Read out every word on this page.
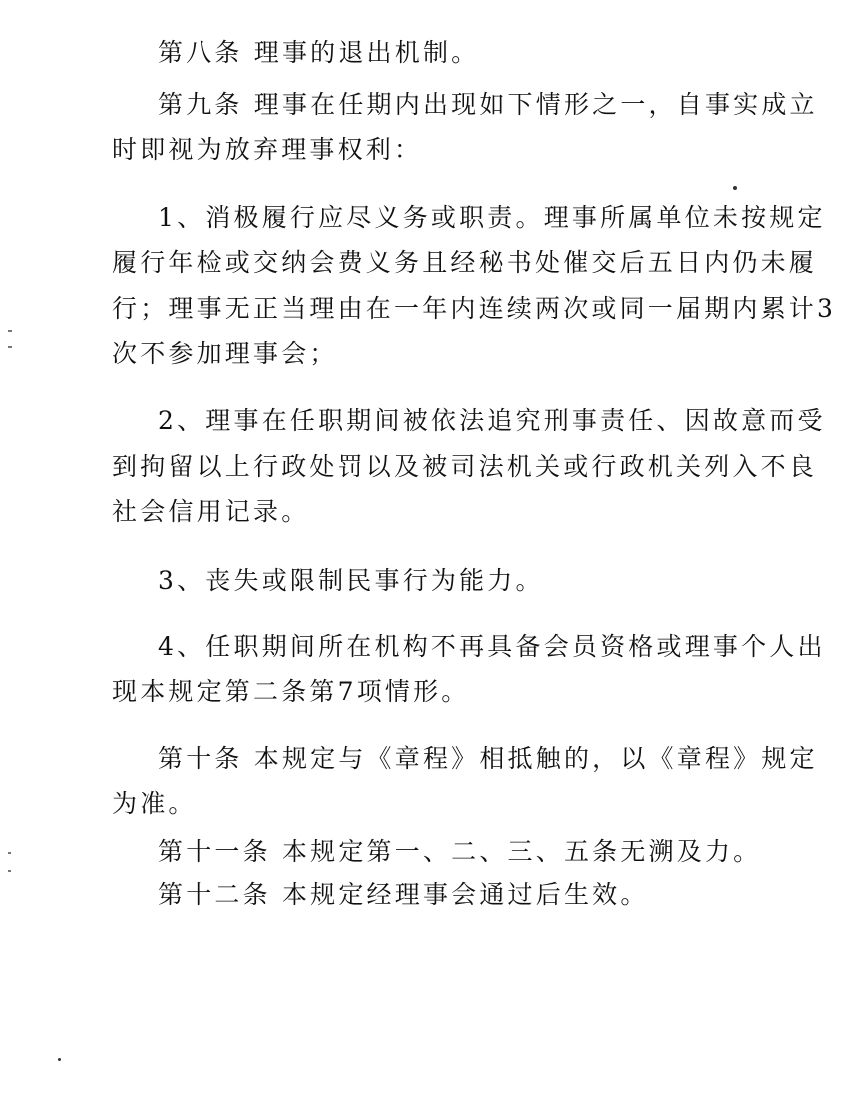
第八条 理事的退出机制。

第九条 理事在任期内出现如下情形之一，自事实成立

时即视为放弃理事权利：

1、消极履行应尽义务或职责。理事所属单位未按规定

履行年检或交纳会费义务且经秘书处催交后五日内仍未履

行；理事无正当理由在一年内连续两次或同一届期内累计3

次不参加理事会；

2、理事在任职期间被依法追究刑事责任、因故意而受

到拘留以上行政处罚以及被司法机关或行政机关列入不良

社会信用记录。

3、丧失或限制民事行为能力。

4、任职期间所在机构不再具备会员资格或理事个人出

现本规定第二条第7项情形。

第十条 本规定与《章程》相抵触的，以《章程》规定

为准。

第十一条 本规定第一、二、三、五条无溯及力。

第十二条 本规定经理事会通过后生效。
